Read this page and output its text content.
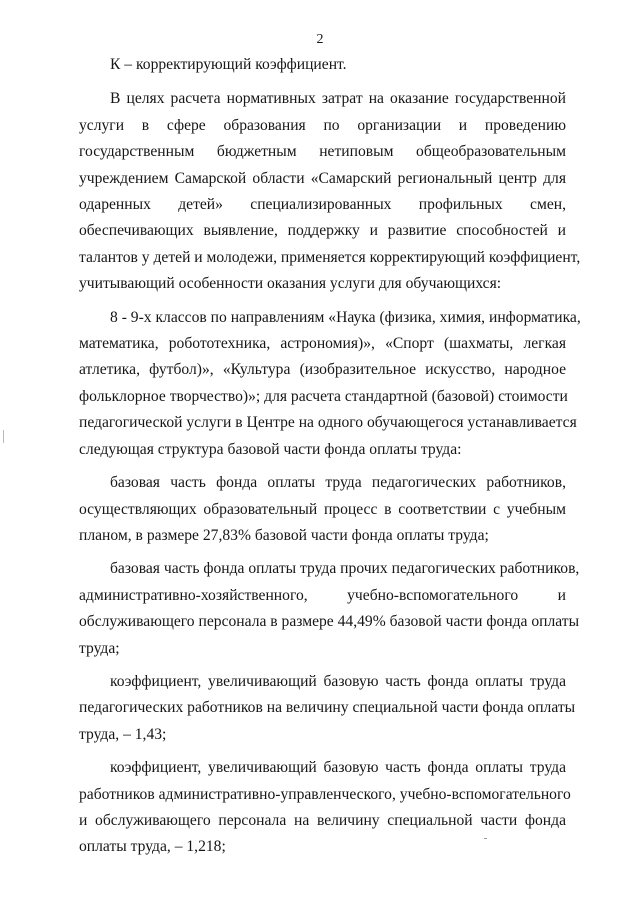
2

К – корректирующий коэффициент.

В целях расчета нормативных затрат на оказание государственной
услуги в сфере образования по организации и проведению
государственным бюджетным нетиповым общеобразовательным
учреждением Самарской области «Самарский региональный центр для
одаренных детей» специализированных профильных смен,
обеспечивающих выявление, поддержку и развитие способностей и
талантов у детей и молодежи, применяется корректирующий коэффициент,
учитывающий особенности оказания услуги для обучающихся:

8 - 9-х классов по направлениям «Наука (физика, химия, информатика,
математика, робототехника, астрономия)», «Спорт (шахматы, легкая
атлетика, футбол)», «Культура (изобразительное искусство, народное
фольклорное творчество)»; для расчета стандартной (базовой) стоимости
педагогической услуги в Центре на одного обучающегося устанавливается
следующая структура базовой части фонда оплаты труда:

базовая часть фонда оплаты труда педагогических работников,
осуществляющих образовательный процесс в соответствии с учебным
планом, в размере 27,83% базовой части фонда оплаты труда;

базовая часть фонда оплаты труда прочих педагогических работников,
административно-хозяйственного, учебно-вспомогательного и
обслуживающего персонала в размере 44,49% базовой части фонда оплаты
труда;

коэффициент, увеличивающий базовую часть фонда оплаты труда
педагогических работников на величину специальной части фонда оплаты
труда, – 1,43;

коэффициент, увеличивающий базовую часть фонда оплаты труда
работников административно-управленческого, учебно-вспомогательного
и обслуживающего персонала на величину специальной части фонда
оплаты труда, – 1,218;
